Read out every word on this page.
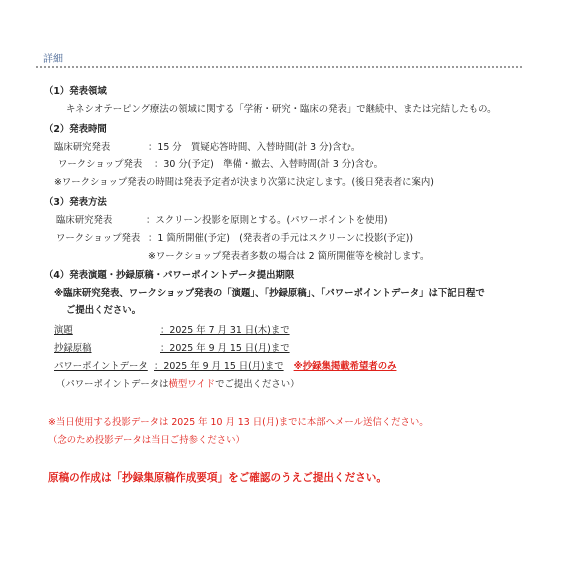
詳細
（1）発表領域
キネシオテーピング療法の領域に関する「学術・研究・臨床の発表」で継続中、または完結したもの。
（2）発表時間
臨床研究発表	：15 分　質疑応答時間、入替時間(計 3 分)含む。
ワークショップ発表 ：30 分(予定)　準備・撤去、入替時間(計 3 分)含む。
※ワークショップ発表の時間は発表予定者が決まり次第に決定します。(後日発表者に案内)
（3）発表方法
臨床研究発表	：スクリーン投影を原則とする。(パワーポイントを使用)
ワークショップ発表 ：1 箇所開催(予定)　(発表者の手元はスクリーンに投影(予定))
※ワークショップ発表者多数の場合は 2 箇所開催等を検討します。
（4）発表演題・抄録原稿・パワーポイントデータ提出期限
※臨床研究発表、ワークショップ発表の「演題」、「抄録原稿」、「パワーポイントデータ」は下記日程で
ご提出ください。
演題	：2025 年 7 月 31 日(木)まで
抄録原稿	：2025 年 9 月 15 日(月)まで
パワーポイントデータ ：2025 年 9 月 15 日(月)まで ※抄録集掲載希望者のみ
（パワーポイントデータは横型ワイドでご提出ください）
※当日使用する投影データは 2025 年 10 月 13 日(月)までに本部へメール送信ください。
（念のため投影データは当日ご持参ください）
原稿の作成は「抄録集原稿作成要項」をご確認のうえご提出ください。
